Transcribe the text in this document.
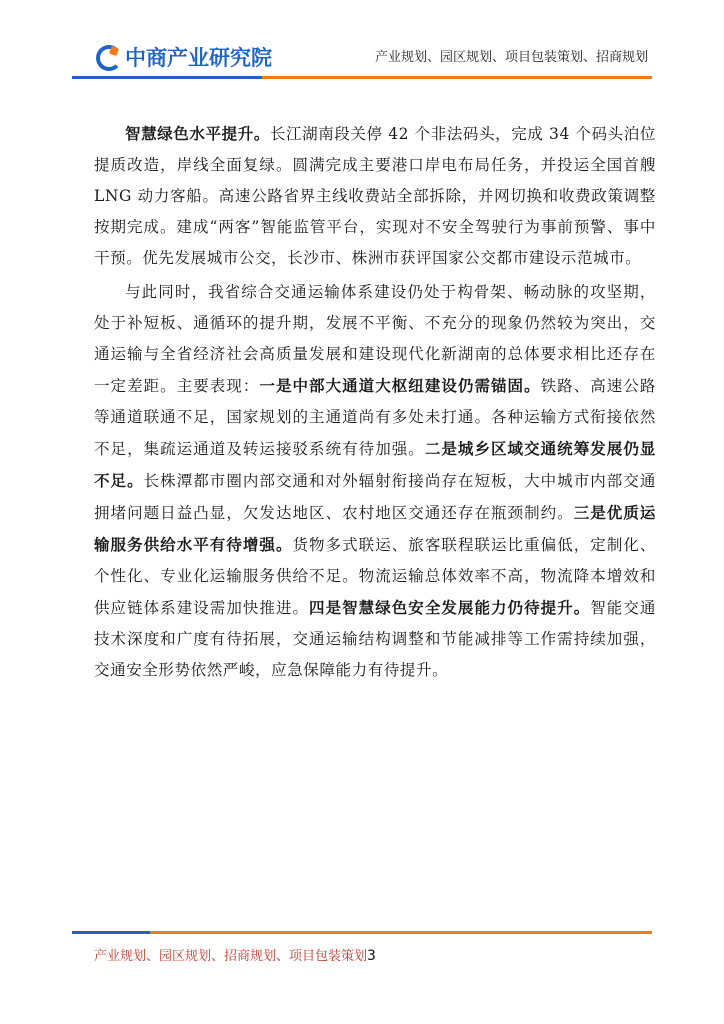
中商产业研究院	产业规划、园区规划、项目包装策划、招商规划

智慧绿色水平提升。长江湖南段关停 42 个非法码头，完成 34 个码头泊位提质改造，岸线全面复绿。圆满完成主要港口岸电布局任务，并投运全国首艘 LNG 动力客船。高速公路省界主线收费站全部拆除，并网切换和收费政策调整按期完成。建成“两客”智能监管平台，实现对不安全驾驶行为事前预警、事中干预。优先发展城市公交，长沙市、株洲市获评国家公交都市建设示范城市。

与此同时，我省综合交通运输体系建设仍处于构骨架、畅动脉的攻坚期，处于补短板、通循环的提升期，发展不平衡、不充分的现象仍然较为突出，交通运输与全省经济社会高质量发展和建设现代化新湖南的总体要求相比还存在一定差距。主要表现：一是中部大通道大枢纽建设仍需锚固。铁路、高速公路等通道联通不足，国家规划的主通道尚有多处未打通。各种运输方式衔接依然不足，集疏运通道及转运接驳系统有待加强。二是城乡区域交通统筹发展仍显不足。长株潭都市圈内部交通和对外辐射衔接尚存在短板，大中城市内部交通拥堵问题日益凸显，欠发达地区、农村地区交通还存在瓶颈制约。三是优质运输服务供给水平有待增强。货物多式联运、旅客联程联运比重偏低，定制化、个性化、专业化运输服务供给不足。物流运输总体效率不高，物流降本增效和供应链体系建设需加快推进。四是智慧绿色安全发展能力仍待提升。智能交通技术深度和广度有待拓展，交通运输结构调整和节能减排等工作需持续加强，交通安全形势依然严峻，应急保障能力有待提升。

产业规划、园区规划、招商规划、项目包装策划3
